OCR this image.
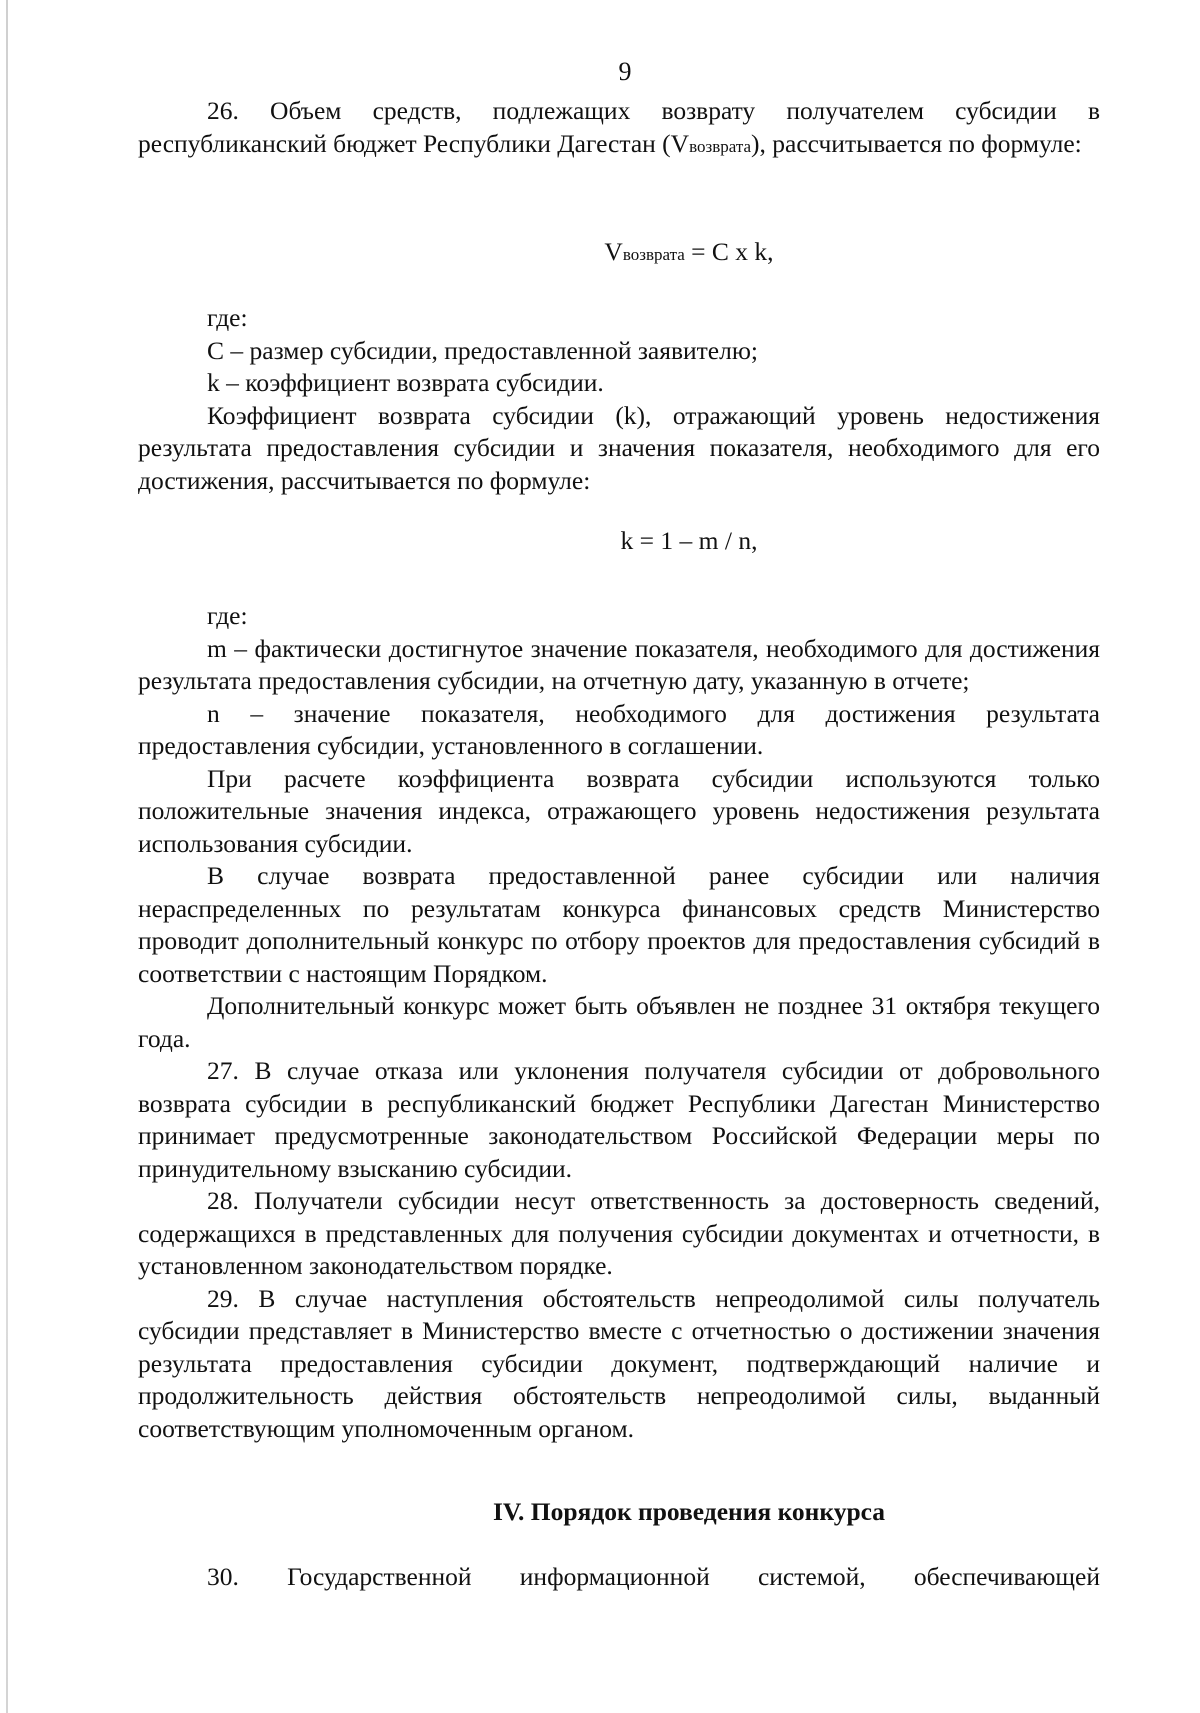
9

26. Объем средств, подлежащих возврату получателем субсидии в республиканский бюджет Республики Дагестан (Vвозврата), рассчитывается по формуле:

Vвозврата = C x k,

где:

С – размер субсидии, предоставленной заявителю;

k – коэффициент возврата субсидии.

Коэффициент возврата субсидии (k), отражающий уровень недостижения результата предоставления субсидии и значения показателя, необходимого для его достижения, рассчитывается по формуле:

k = 1 – m / n,

где:

m – фактически достигнутое значение показателя, необходимого для достижения результата предоставления субсидии, на отчетную дату, указанную в отчете;

n – значение показателя, необходимого для достижения результата предоставления субсидии, установленного в соглашении.

При расчете коэффициента возврата субсидии используются только положительные значения индекса, отражающего уровень недостижения результата использования субсидии.

В случае возврата предоставленной ранее субсидии или наличия нераспределенных по результатам конкурса финансовых средств Министерство проводит дополнительный конкурс по отбору проектов для предоставления субсидий в соответствии с настоящим Порядком.

Дополнительный конкурс может быть объявлен не позднее 31 октября текущего года.

27. В случае отказа или уклонения получателя субсидии от добровольного возврата субсидии в республиканский бюджет Республики Дагестан Министерство принимает предусмотренные законодательством Российской Федерации меры по принудительному взысканию субсидии.

28. Получатели субсидии несут ответственность за достоверность сведений, содержащихся в представленных для получения субсидии документах и отчетности, в установленном законодательством порядке.

29. В случае наступления обстоятельств непреодолимой силы получатель субсидии представляет в Министерство вместе с отчетностью о достижении значения результата предоставления субсидии документ, подтверждающий наличие и продолжительность действия обстоятельств непреодолимой силы, выданный соответствующим уполномоченным органом.

IV. Порядок проведения конкурса

30. Государственной информационной системой, обеспечивающей
